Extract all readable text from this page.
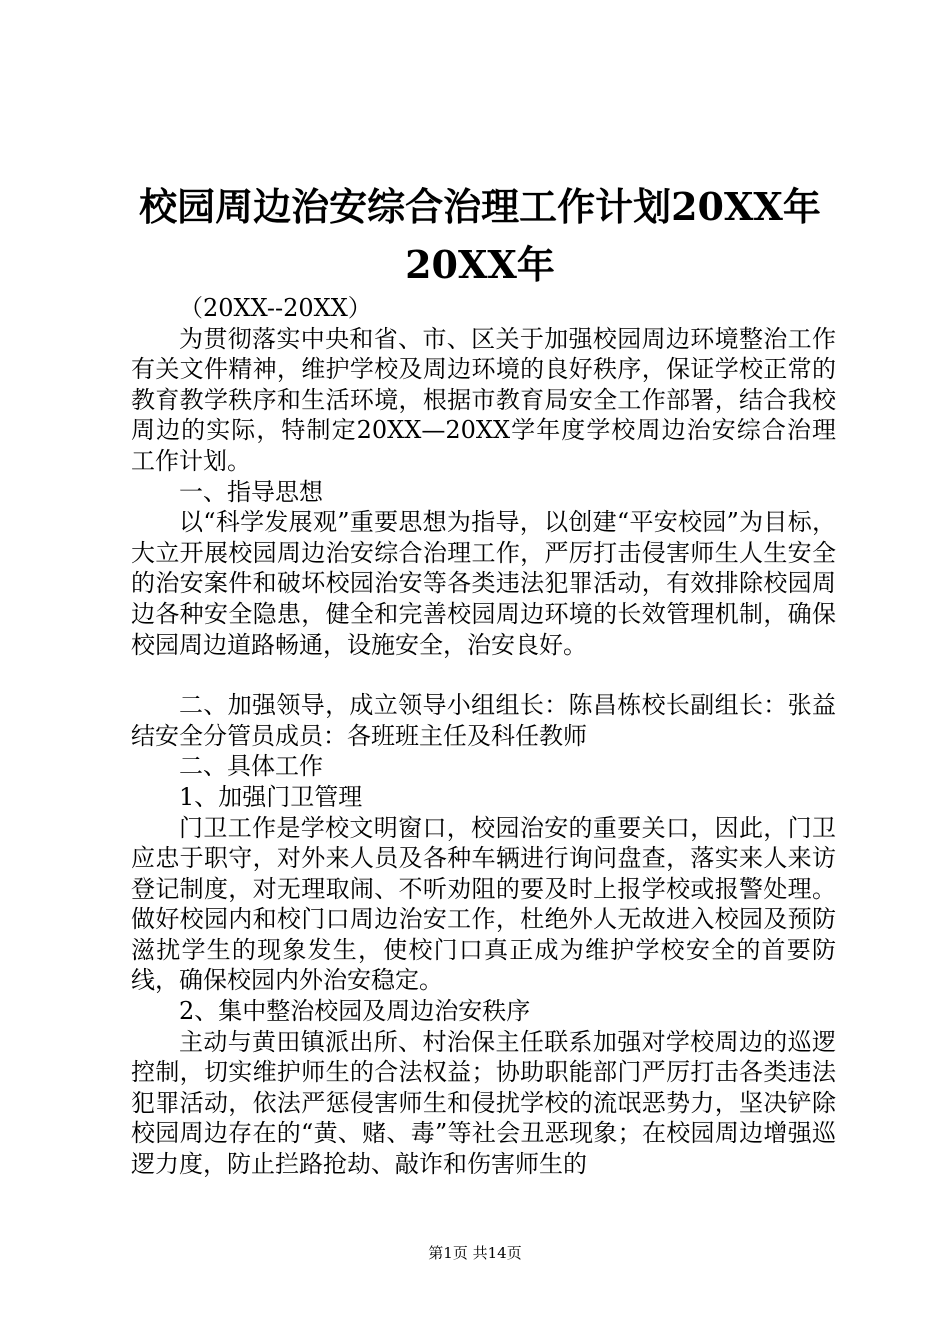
校园周边治安综合治理工作计划20XX年20XX年

（20XX--20XX）

为贯彻落实中央和省、市、区关于加强校园周边环境整治工作有关文件精神，维护学校及周边环境的良好秩序，保证学校正常的教育教学秩序和生活环境，根据市教育局安全工作部署，结合我校周边的实际，特制定20XX—20XX学年度学校周边治安综合治理工作计划。

一、指导思想

以“科学发展观”重要思想为指导，以创建“平安校园”为目标，大立开展校园周边治安综合治理工作，严厉打击侵害师生人生安全的治安案件和破坏校园治安等各类违法犯罪活动，有效排除校园周边各种安全隐患，健全和完善校园周边环境的长效管理机制，确保校园周边道路畅通，设施安全，治安良好。

二、加强领导，成立领导小组组长：陈昌栋校长副组长：张益结安全分管员成员：各班班主任及科任教师

二、具体工作

1、加强门卫管理

门卫工作是学校文明窗口，校园治安的重要关口，因此，门卫应忠于职守，对外来人员及各种车辆进行询问盘查，落实来人来访登记制度，对无理取闹、不听劝阻的要及时上报学校或报警处理。做好校园内和校门口周边治安工作，杜绝外人无故进入校园及预防滋扰学生的现象发生，使校门口真正成为维护学校安全的首要防线，确保校园内外治安稳定。

2、集中整治校园及周边治安秩序

主动与黄田镇派出所、村治保主任联系加强对学校周边的巡逻控制，切实维护师生的合法权益；协助职能部门严厉打击各类违法犯罪活动，依法严惩侵害师生和侵扰学校的流氓恶势力，坚决铲除校园周边存在的“黄、赌、毒”等社会丑恶现象；在校园周边增强巡逻力度，防止拦路抢劫、敲诈和伤害师生的

第1页 共14页
